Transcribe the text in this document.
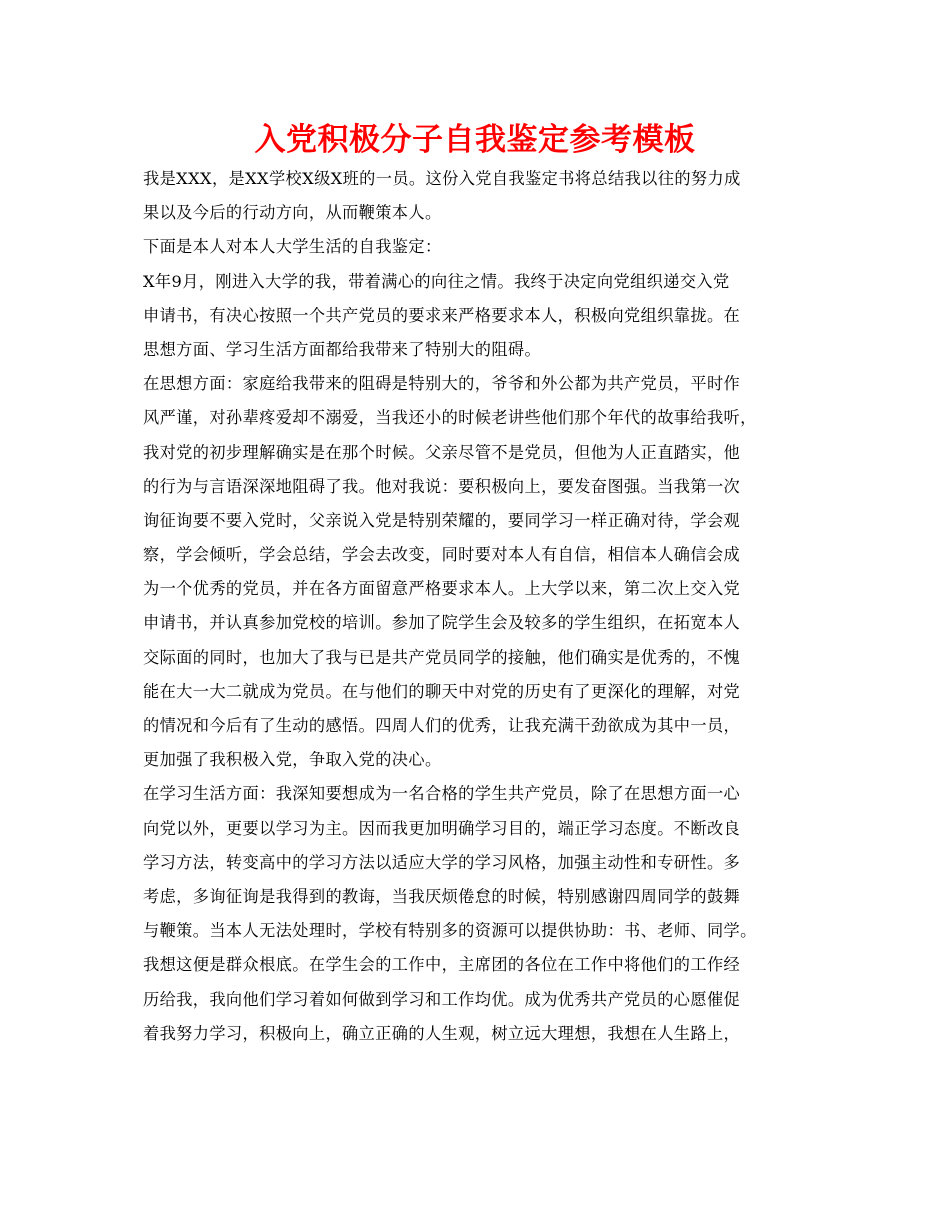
入党积极分子自我鉴定参考模板
我是XXX，是XX学校X级X班的一员。这份入党自我鉴定书将总结我以往的努力成
果以及今后的行动方向，从而鞭策本人。
下面是本人对本人大学生活的自我鉴定：
X年9月，刚进入大学的我，带着满心的向往之情。我终于决定向党组织递交入党
申请书，有决心按照一个共产党员的要求来严格要求本人，积极向党组织靠拢。在
思想方面、学习生活方面都给我带来了特别大的阻碍。
在思想方面：家庭给我带来的阻碍是特别大的，爷爷和外公都为共产党员，平时作
风严谨，对孙辈疼爱却不溺爱，当我还小的时候老讲些他们那个年代的故事给我听，
我对党的初步理解确实是在那个时候。父亲尽管不是党员，但他为人正直踏实，他
的行为与言语深深地阻碍了我。他对我说：要积极向上，要发奋图强。当我第一次
询征询要不要入党时，父亲说入党是特别荣耀的，要同学习一样正确对待，学会观
察，学会倾听，学会总结，学会去改变，同时要对本人有自信，相信本人确信会成
为一个优秀的党员，并在各方面留意严格要求本人。上大学以来，第二次上交入党
申请书，并认真参加党校的培训。参加了院学生会及较多的学生组织，在拓宽本人
交际面的同时，也加大了我与已是共产党员同学的接触，他们确实是优秀的，不愧
能在大一大二就成为党员。在与他们的聊天中对党的历史有了更深化的理解，对党
的情况和今后有了生动的感悟。四周人们的优秀，让我充满干劲欲成为其中一员，
更加强了我积极入党，争取入党的决心。
在学习生活方面：我深知要想成为一名合格的学生共产党员，除了在思想方面一心
向党以外，更要以学习为主。因而我更加明确学习目的，端正学习态度。不断改良
学习方法，转变高中的学习方法以适应大学的学习风格，加强主动性和专研性。多
考虑，多询征询是我得到的教诲，当我厌烦倦怠的时候，特别感谢四周同学的鼓舞
与鞭策。当本人无法处理时，学校有特别多的资源可以提供协助：书、老师、同学。
我想这便是群众根底。在学生会的工作中，主席团的各位在工作中将他们的工作经
历给我，我向他们学习着如何做到学习和工作均优。成为优秀共产党员的心愿催促
着我努力学习，积极向上，确立正确的人生观，树立远大理想，我想在人生路上，
